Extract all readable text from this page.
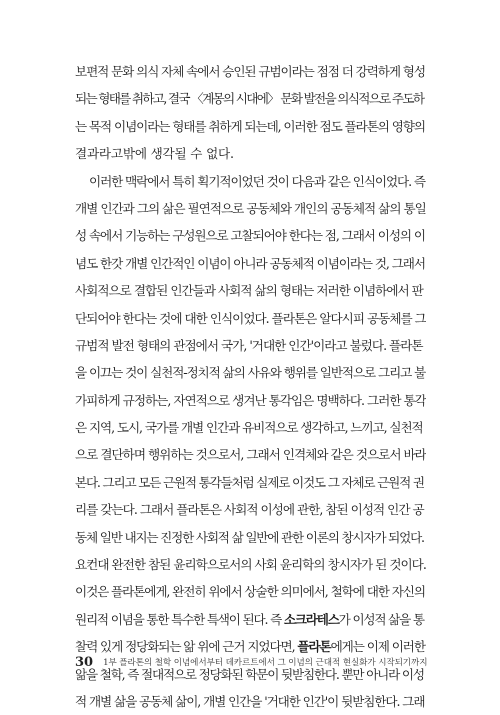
보편적 문화 의식 자체 속에서 승인된 규범이라는 점점 더 강력하게 형성
되는 형태를 취하고, 결국 〈계몽의 시대에〉 문화 발전을 의식적으로 주도하
는 목적 이념이라는 형태를 취하게 되는데, 이러한 점도 플라톤의 영향의
결과라고밖에 생각될 수 없다.
이러한 맥락에서 특히 획기적이었던 것이 다음과 같은 인식이었다. 즉
개별 인간과 그의 삶은 필연적으로 공동체와 개인의 공동체적 삶의 통일
성 속에서 기능하는 구성원으로 고찰되어야 한다는 점, 그래서 이성의 이
념도 한갓 개별 인간적인 이념이 아니라 공동체적 이념이라는 것, 그래서
사회적으로 결합된 인간들과 사회적 삶의 형태는 저러한 이념하에서 판
단되어야 한다는 것에 대한 인식이었다. 플라톤은 알다시피 공동체를 그
규범적 발전 형태의 관점에서 국가, '거대한 인간'이라고 불렀다. 플라톤
을 이끄는 것이 실천적-정치적 삶의 사유와 행위를 일반적으로 그리고 불
가피하게 규정하는, 자연적으로 생겨난 통각임은 명백하다. 그러한 통각
은 지역, 도시, 국가를 개별 인간과 유비적으로 생각하고, 느끼고, 실천적
으로 결단하며 행위하는 것으로서, 그래서 인격체와 같은 것으로서 바라
본다. 그리고 모든 근원적 통각들처럼 실제로 이것도 그 자체로 근원적 권
리를 갖는다. 그래서 플라톤은 사회적 이성에 관한, 참된 이성적 인간 공
동체 일반 내지는 진정한 사회적 삶 일반에 관한 이론의 창시자가 되었다.
요컨대 완전한 참된 윤리학으로서의 사회 윤리학의 창시자가 된 것이다.
이것은 플라톤에게, 완전히 위에서 상술한 의미에서, 철학에 대한 자신의
원리적 이념을 통한 특수한 특색이 된다. 즉 소크라테스가 이성적 삶을 통
찰력 있게 정당화되는 앎 위에 근거 지었다면, 플라톤에게는 이제 이러한
앎을 철학, 즉 절대적으로 정당화된 학문이 뒷받침한다. 뿐만 아니라 이성
적 개별 삶을 공동체 삶이, 개별 인간을 '거대한 인간'이 뒷받침한다. 그래
30 1부 플라톤의 철학 이념에서부터 데카르트에서 그 이념의 근대적 현실화가 시작되기까지
